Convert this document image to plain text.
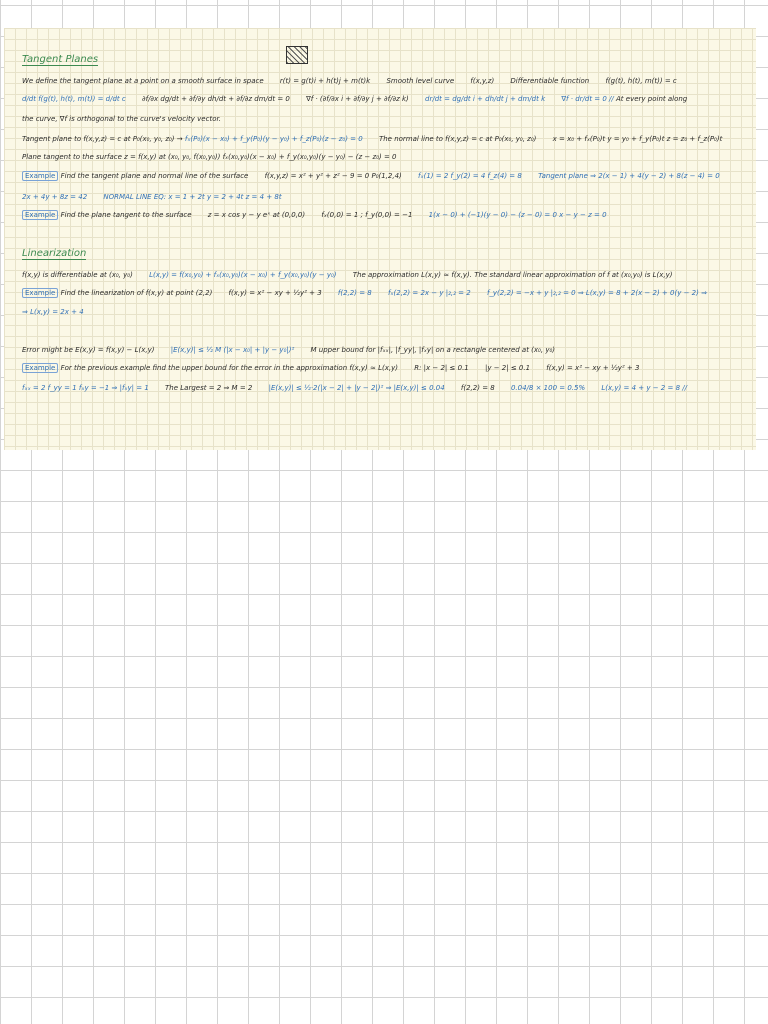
Tangent Planes
We define the tangent plane at a point on a smooth surface in space r(t) = g(t)i + h(t)j + m(t)k Smooth level curve f(x,y,z) Differentiable function f(g(t), h(t), m(t)) = c
d/dt f(g(t), h(t), m(t)) = d/dt c ∂f/∂x dg/dt + ∂f/∂y dh/dt + ∂f/∂z dm/dt = 0 ∇f · (∂f/∂x i + ∂f/∂y j + ∂f/∂z k) dr/dt = dg/dt i + dh/dt j + dm/dt k ∇f · dr/dt = 0 // At every point along
the curve, ∇f is orthogonal to the curve's velocity vector.
Tangent plane to f(x,y,z) = c at P₀(x₀, y₀, z₀) → fₓ(P₀)(x − x₀) + f_y(P₀)(y − y₀) + f_z(P₀)(z − z₀) = 0 The normal line to f(x,y,z) = c at P₀(x₀, y₀, z₀) x = x₀ + fₓ(P₀)t y = y₀ + f_y(P₀)t z = z₀ + f_z(P₀)t
Plane tangent to the surface z = f(x,y) at (x₀, y₀, f(x₀,y₀)) fₓ(x₀,y₀)(x − x₀) + f_y(x₀,y₀)(y − y₀) − (z − z₀) = 0
Example Find the tangent plane and normal line of the surface f(x,y,z) = x² + y² + z² − 9 = 0 P₀(1,2,4) fₓ(1) = 2 f_y(2) = 4 f_z(4) = 8 Tangent plane ⇒ 2(x − 1) + 4(y − 2) + 8(z − 4) = 0
2x + 4y + 8z = 42 NORMAL LINE EQ: x = 1 + 2t y = 2 + 4t z = 4 + 8t
Example Find the plane tangent to the surface z = x cos y − y eˣ at (0,0,0) fₓ(0,0) = 1 ; f_y(0,0) = −1 1(x − 0) + (−1)(y − 0) − (z − 0) = 0 x − y − z = 0
Linearization
f(x,y) is differentiable at (x₀, y₀) L(x,y) = f(x₀,y₀) + fₓ(x₀,y₀)(x − x₀) + f_y(x₀,y₀)(y − y₀) The approximation L(x,y) ≈ f(x,y). The standard linear approximation of f at (x₀,y₀) is L(x,y)
Example Find the linearization of f(x,y) at point (2,2) f(x,y) = x² − xy + ½y² + 3 f(2,2) = 8 fₓ(2,2) = 2x − y |₂,₂ = 2 f_y(2,2) = −x + y |₂,₂ = 0 ⇒ L(x,y) = 8 + 2(x − 2) + 0(y − 2) ⇒
⇒ L(x,y) = 2x + 4
Error might be E(x,y) = f(x,y) − L(x,y) |E(x,y)| ≤ ½ M (|x − x₀| + |y − y₀|)² M upper bound for |fₓₓ|, |f_yy|, |fₓy| on a rectangle centered at (x₀, y₀)
Example For the previous example find the upper bound for the error in the approximation f(x,y) ≈ L(x,y) R: |x − 2| ≤ 0.1 |y − 2| ≤ 0.1 f(x,y) = x² − xy + ½y² + 3
fₓₓ = 2 f_yy = 1 fₓy = −1 ⇒ |fₓy| = 1 The Largest = 2 ⇒ M = 2 |E(x,y)| ≤ ½·2(|x − 2| + |y − 2|)² ⇒ |E(x,y)| ≤ 0.04 f(2,2) = 8 0.04/8 × 100 = 0.5% L(x,y) = 4 + y − 2 = 8 //
